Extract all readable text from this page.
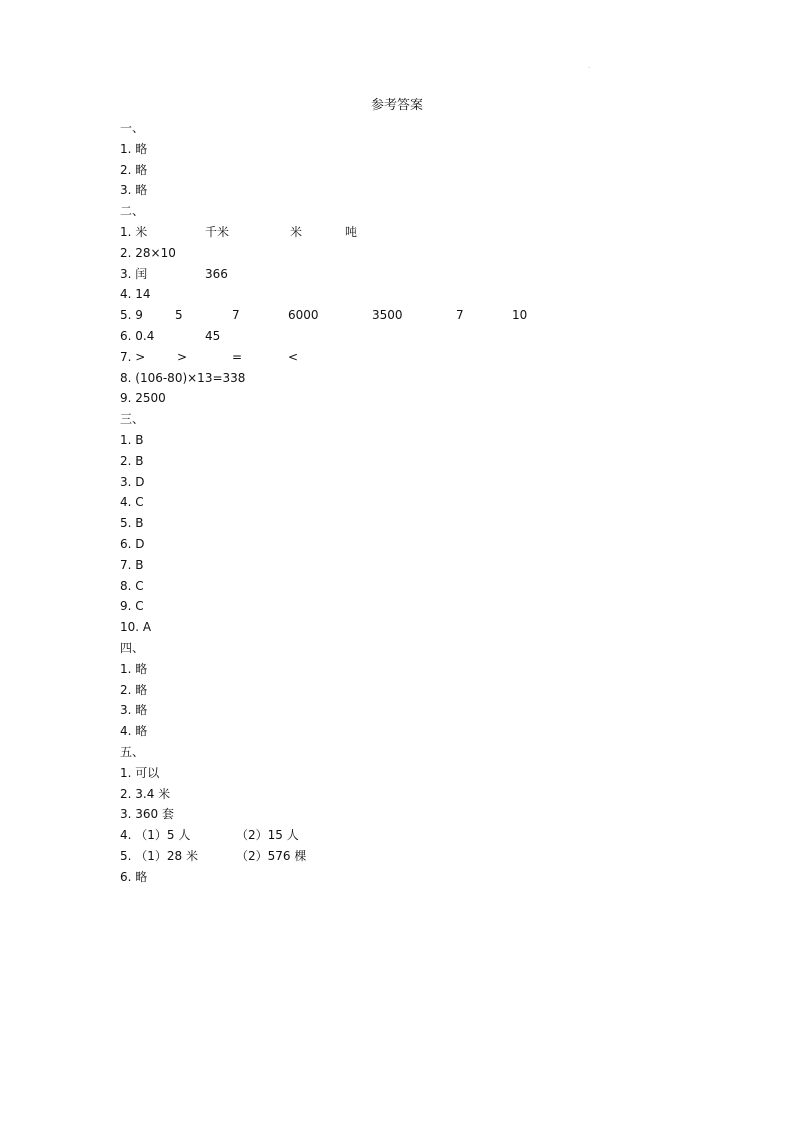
·
参考答案
一、
1. 略
2. 略
3. 略
二、
1. 米	千米	米	吨
2. 28×10
3. 闰	366
4. 14
5. 9	5	7	6000	3500	7	10
6. 0.4	45
7. >	>	=	<
8. (106-80)×13=338
9. 2500
三、
1. B
2. B
3. D
4. C
5. B
6. D
7. B
8. C
9. C
10. A
四、
1. 略
2. 略
3. 略
4. 略
五、
1. 可以
2. 3.4 米
3. 360 套
4. （1）5 人	（2）15 人
5. （1）28 米	（2）576 棵
6. 略
